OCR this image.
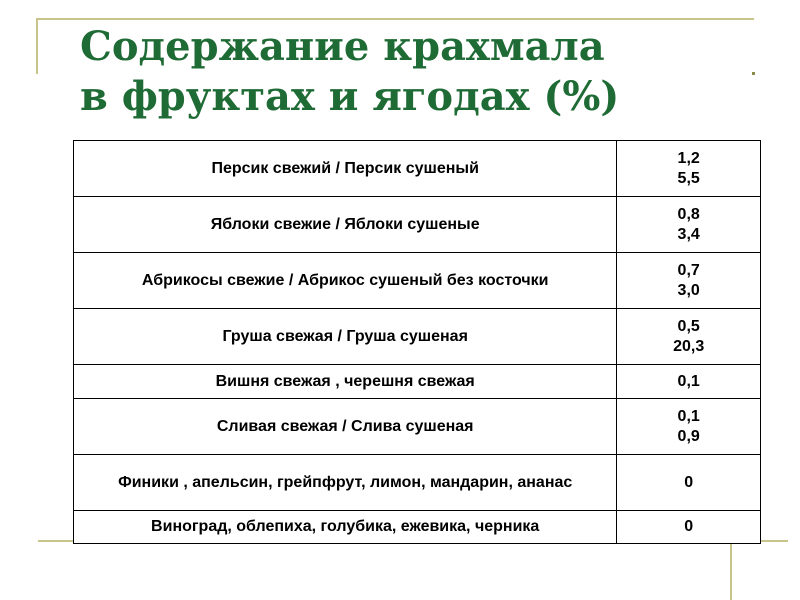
Содержание крахмала
в фруктах и ягодах (%)
Персик свежий / Персик сушеный	1,2
5,5

Яблоки свежие / Яблоки сушеные	0,8
3,4

Абрикосы свежие / Абрикос сушеный без косточки	0,7
3,0

Груша свежая / Груша сушеная	0,5
20,3

Вишня свежая , черешня свежая	0,1

Сливая свежая / Слива сушеная	0,1
0,9

Финики , апельсин, грейпфрут, лимон, мандарин, ананас	0

Виноград, облепиха, голубика, ежевика, черника	0
